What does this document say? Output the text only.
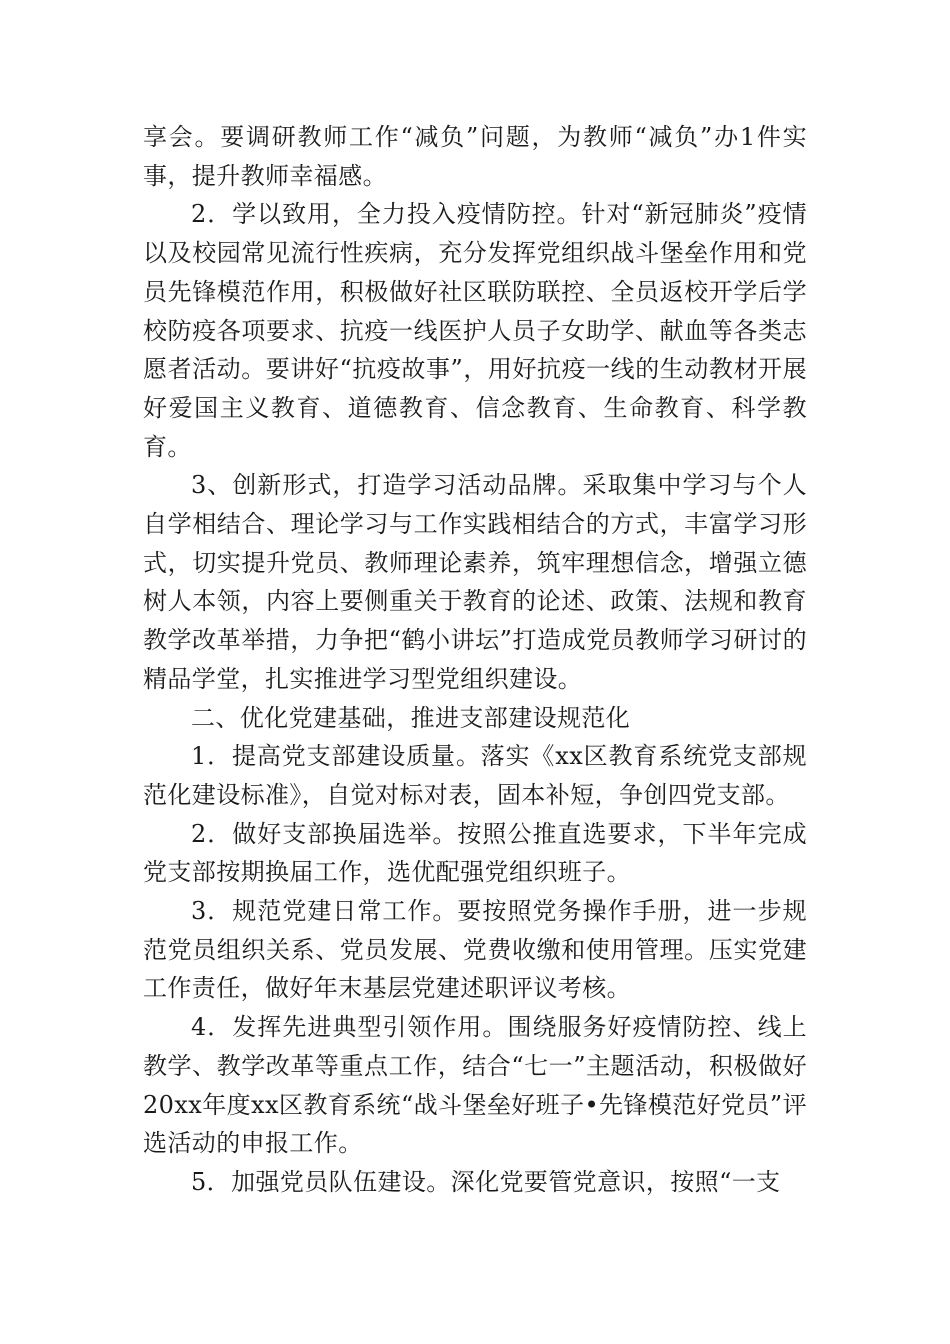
享会。要调研教师工作“减负”问题，为教师“减负”办1件实事，提升教师幸福感。

2．学以致用，全力投入疫情防控。针对“新冠肺炎”疫情以及校园常见流行性疾病，充分发挥党组织战斗堡垒作用和党员先锋模范作用，积极做好社区联防联控、全员返校开学后学校防疫各项要求、抗疫一线医护人员子女助学、献血等各类志愿者活动。要讲好“抗疫故事”，用好抗疫一线的生动教材开展好爱国主义教育、道德教育、信念教育、生命教育、科学教育。

3、创新形式，打造学习活动品牌。采取集中学习与个人自学相结合、理论学习与工作实践相结合的方式，丰富学习形式，切实提升党员、教师理论素养，筑牢理想信念，增强立德树人本领，内容上要侧重关于教育的论述、政策、法规和教育教学改革举措，力争把“鹤小讲坛”打造成党员教师学习研讨的精品学堂，扎实推进学习型党组织建设。

二、优化党建基础，推进支部建设规范化

1．提高党支部建设质量。落实《xx区教育系统党支部规范化建设标准》，自觉对标对表，固本补短，争创四党支部。

2．做好支部换届选举。按照公推直选要求，下半年完成党支部按期换届工作，选优配强党组织班子。

3．规范党建日常工作。要按照党务操作手册，进一步规范党员组织关系、党员发展、党费收缴和使用管理。压实党建工作责任，做好年末基层党建述职评议考核。

4．发挥先进典型引领作用。围绕服务好疫情防控、线上教学、教学改革等重点工作，结合“七一”主题活动，积极做好20xx年度xx区教育系统“战斗堡垒好班子•先锋模范好党员”评选活动的申报工作。

5．加强党员队伍建设。深化党要管党意识，按照“一支
